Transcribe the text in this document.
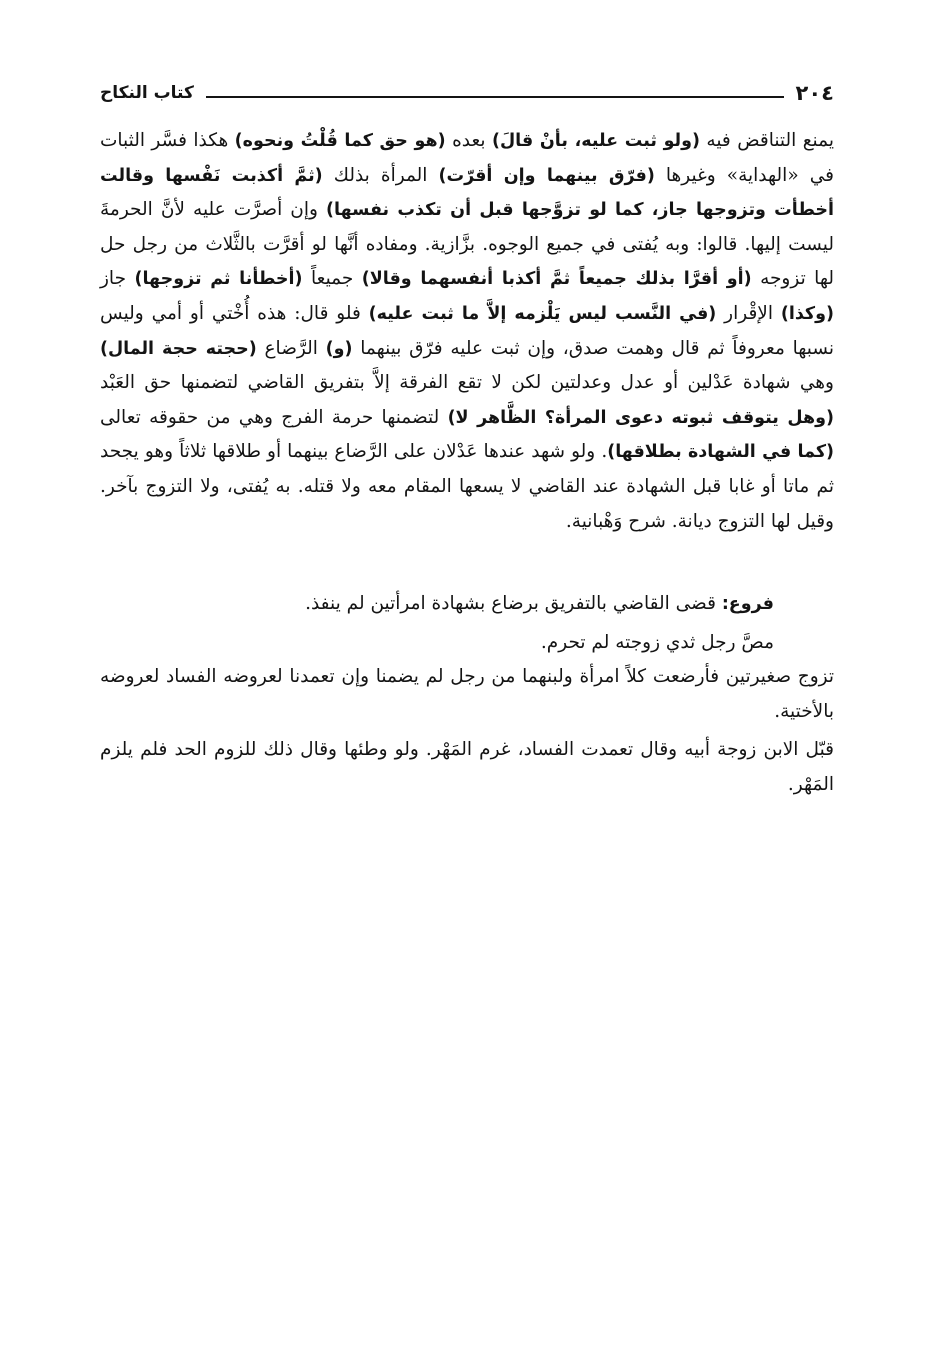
٢٠٤
كتاب النكاح

يمنع التناقض فيه (ولو ثبت عليه، بأنْ قالَ) بعده (هو حق كما قُلْتُ ونحوه) هكذا فسَّر الثبات في «الهداية» وغيرها (فرّق بينهما وإن أقرّت) المرأة بذلك (ثمَّ أكذبت نَفْسها وقالت أخطأت وتزوجها جاز، كما لو تزوَّجها قبل أن تكذب نفسها) وإن أصرَّت عليه لأنَّ الحرمةَ ليست إليها. قالوا: وبه يُفتى في جميع الوجوه. بزَّازية. ومفاده أنَّها لو أقرَّت بالثَّلاث من رجل حل لها تزوجه (أو أقرَّا بذلك جميعاً ثمَّ أكذبا أنفسهما وقالا) جميعاً (أخطأنا ثم تزوجها) جاز (وكذا) الإقْرار (في النَّسب ليس يَلْزمه إلاَّ ما ثبت عليه) فلو قال: هذه أُخْتي أو أمي وليس نسبها معروفاً ثم قال وهمت صدق، وإن ثبت عليه فرّق بينهما (و) الرَّضاع (حجته حجة المال) وهي شهادة عَدْلين أو عدل وعدلتين لكن لا تقع الفرقة إلاَّ بتفريق القاضي لتضمنها حق العَبْد (وهل يتوقف ثبوته دعوى المرأة؟ الظَّاهر لا) لتضمنها حرمة الفرج وهي من حقوقه تعالى (كما في الشهادة بطلاقها). ولو شهد عندها عَدْلان على الرَّضاع بينهما أو طلاقها ثلاثاً وهو يجحد ثم ماتا أو غابا قبل الشهادة عند القاضي لا يسعها المقام معه ولا قتله. به يُفتى، ولا التزوج بآخر. وقيل لها التزوج ديانة. شرح وَهْبانية.

فروع: قضى القاضي بالتفريق برضاع بشهادة امرأتين لم ينفذ.

مصَّ رجل ثدي زوجته لم تحرم.

تزوج صغيرتين فأرضعت كلاً امرأة ولبنهما من رجل لم يضمنا وإن تعمدنا لعروضه الفساد لعروضه بالأختية.

قبّل الابن زوجة أبيه وقال تعمدت الفساد، غرم المَهْر. ولو وطئها وقال ذلك للزوم الحد فلم يلزم المَهْر.
